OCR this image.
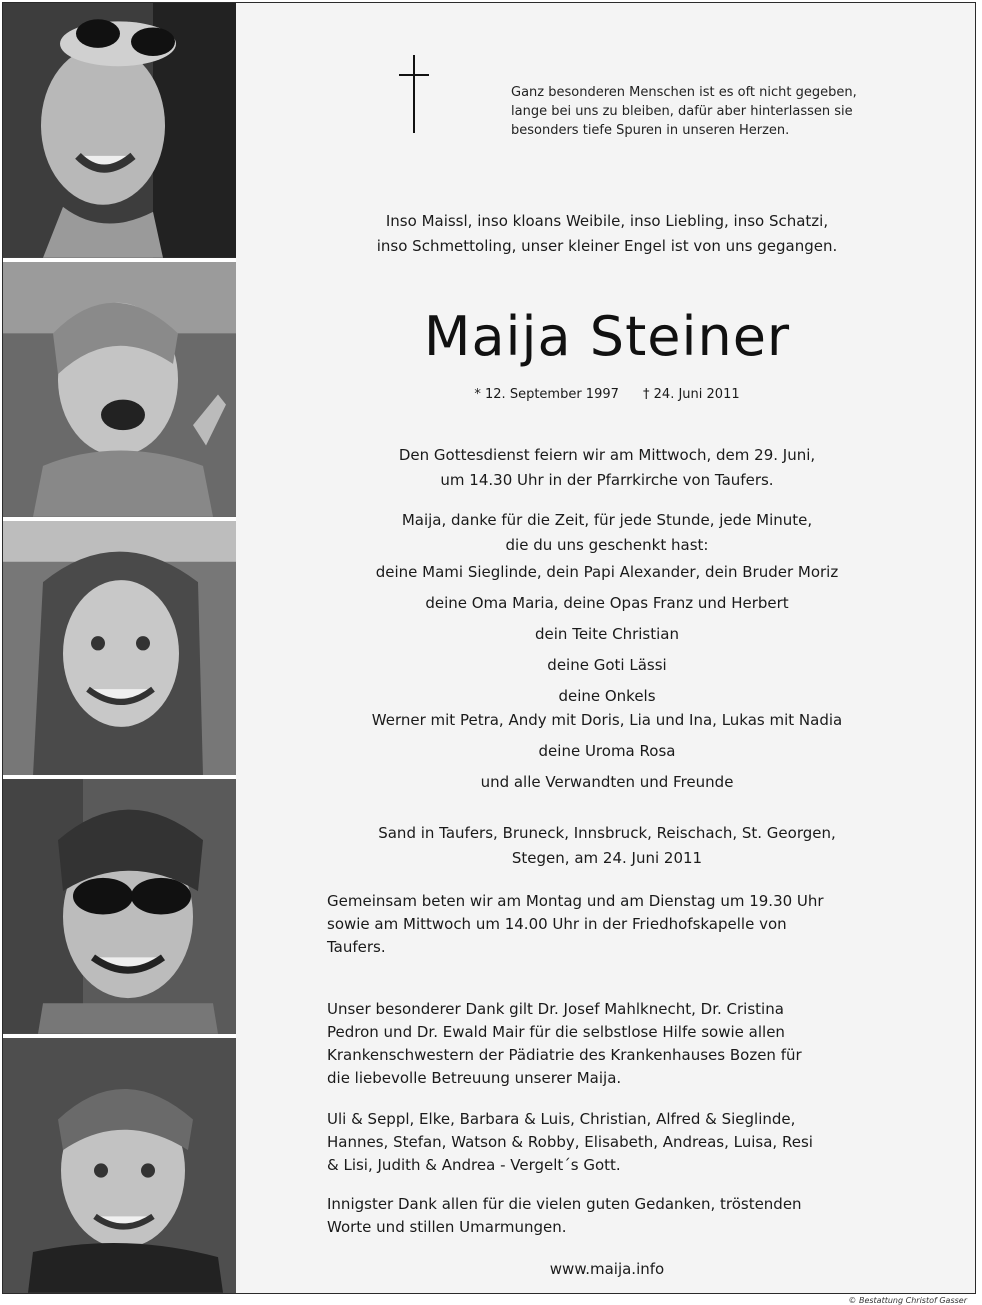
Ganz besonderen Menschen ist es oft nicht gegeben,
lange bei uns zu bleiben, dafür aber hinterlassen sie
besonders tiefe Spuren in unseren Herzen.
Inso Maissl, inso kloans Weibile, inso Liebling, inso Schatzi,
inso Schmettoling, unser kleiner Engel ist von uns gegangen.
Maija Steiner
* 12. September 1997 † 24. Juni 2011
Den Gottesdienst feiern wir am Mittwoch, dem 29. Juni,
um 14.30 Uhr in der Pfarrkirche von Taufers.
Maija, danke für die Zeit, für jede Stunde, jede Minute,
die du uns geschenkt hast:
deine Mami Sieglinde, dein Papi Alexander, dein Bruder Moriz
deine Oma Maria, deine Opas Franz und Herbert
dein Teite Christian
deine Goti Lässi
deine Onkels
Werner mit Petra, Andy mit Doris, Lia und Ina, Lukas mit Nadia
deine Uroma Rosa
und alle Verwandten und Freunde
Sand in Taufers, Bruneck, Innsbruck, Reischach, St. Georgen,
Stegen, am 24. Juni 2011
Gemeinsam beten wir am Montag und am Dienstag um 19.30 Uhr
sowie am Mittwoch um 14.00 Uhr in der Friedhofskapelle von
Taufers.
Unser besonderer Dank gilt Dr. Josef Mahlknecht, Dr. Cristina
Pedron und Dr. Ewald Mair für die selbstlose Hilfe sowie allen
Krankenschwestern der Pädiatrie des Krankenhauses Bozen für
die liebevolle Betreuung unserer Maija.
Uli & Seppl, Elke, Barbara & Luis, Christian, Alfred & Sieglinde,
Hannes, Stefan, Watson & Robby, Elisabeth, Andreas, Luisa, Resi
& Lisi, Judith & Andrea - Vergelt´s Gott.
Innigster Dank allen für die vielen guten Gedanken, tröstenden
Worte und stillen Umarmungen.
www.maija.info
© Bestattung Christof Gasser
